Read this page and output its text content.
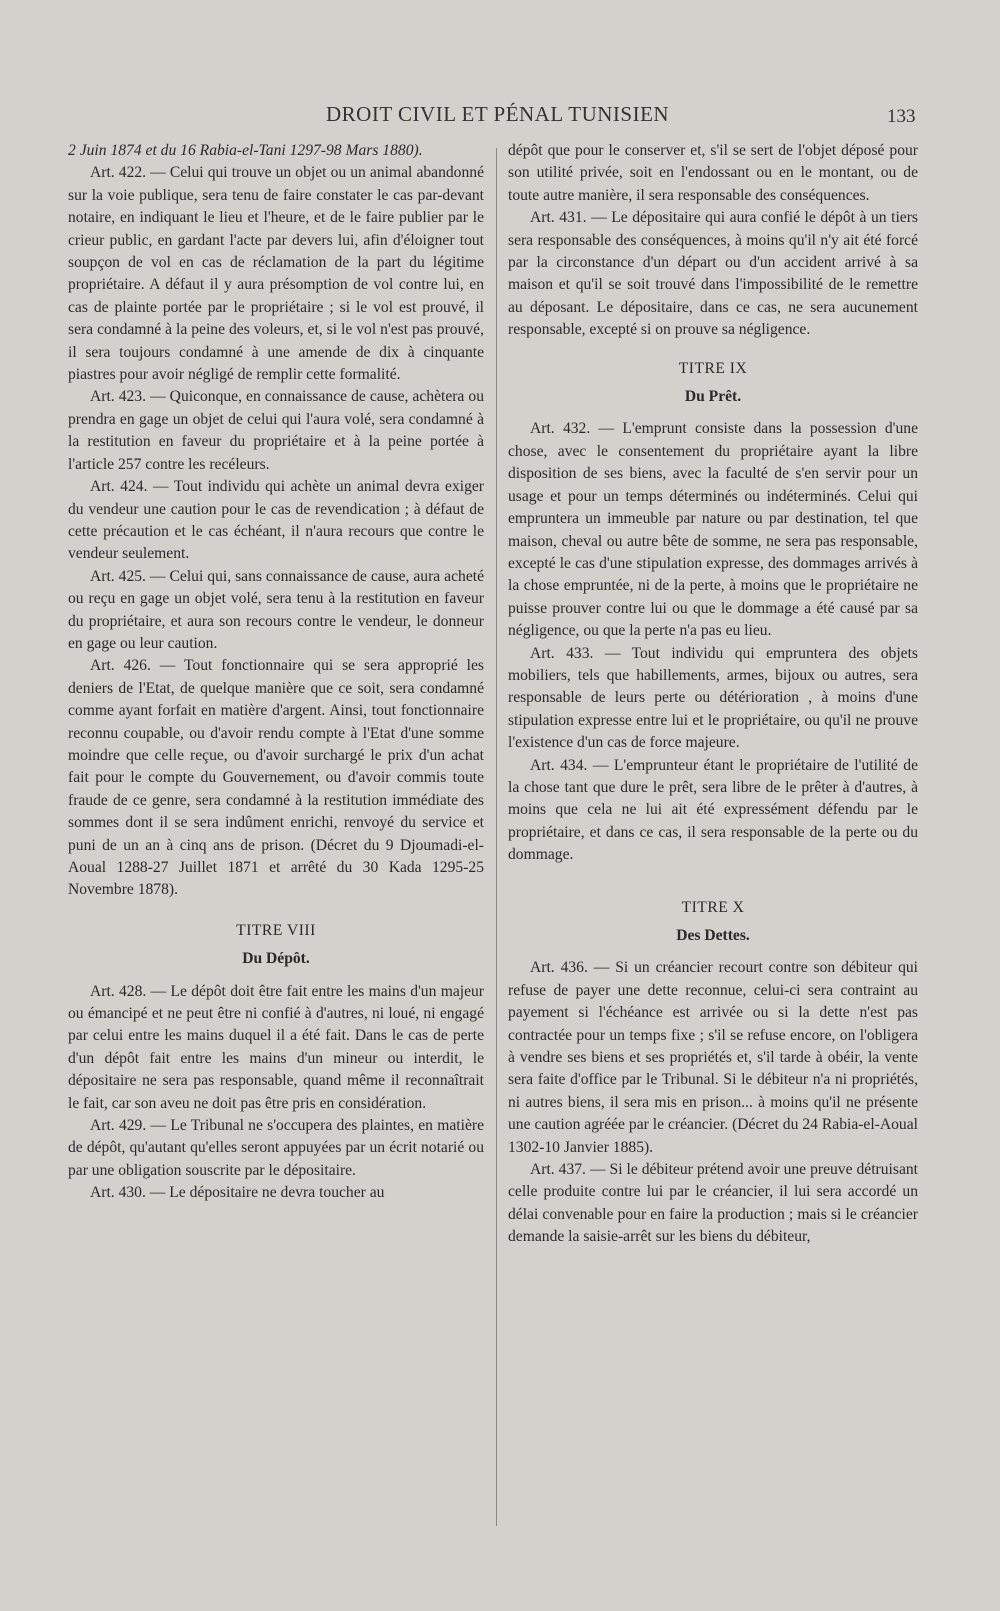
DROIT CIVIL ET PÉNAL TUNISIEN	133

2 Juin 1874 et du 16 Rabia-el-Tani 1297-98 Mars 1880).

Art. 422. — Celui qui trouve un objet ou un animal abandonné sur la voie publique, sera tenu de faire constater le cas par-devant notaire, en indiquant le lieu et l'heure, et de le faire publier par le crieur public, en gardant l'acte par devers lui, afin d'éloigner tout soupçon de vol en cas de réclamation de la part du légitime propriétaire. A défaut il y aura présomption de vol contre lui, en cas de plainte portée par le propriétaire ; si le vol est prouvé, il sera condamné à la peine des voleurs, et, si le vol n'est pas prouvé, il sera toujours condamné à une amende de dix à cinquante piastres pour avoir négligé de remplir cette formalité.

Art. 423. — Quiconque, en connaissance de cause, achètera ou prendra en gage un objet de celui qui l'aura volé, sera condamné à la restitution en faveur du propriétaire et à la peine portée à l'article 257 contre les recéleurs.

Art. 424. — Tout individu qui achète un animal devra exiger du vendeur une caution pour le cas de revendication ; à défaut de cette précaution et le cas échéant, il n'aura recours que contre le vendeur seulement.

Art. 425. — Celui qui, sans connaissance de cause, aura acheté ou reçu en gage un objet volé, sera tenu à la restitution en faveur du propriétaire, et aura son recours contre le vendeur, le donneur en gage ou leur caution.

Art. 426. — Tout fonctionnaire qui se sera approprié les deniers de l'Etat, de quelque manière que ce soit, sera condamné comme ayant forfait en matière d'argent. Ainsi, tout fonctionnaire reconnu coupable, ou d'avoir rendu compte à l'Etat d'une somme moindre que celle reçue, ou d'avoir surchargé le prix d'un achat fait pour le compte du Gouvernement, ou d'avoir commis toute fraude de ce genre, sera condamné à la restitution immédiate des sommes dont il se sera indûment enrichi, renvoyé du service et puni de un an à cinq ans de prison. (Décret du 9 Djoumadi-el-Aoual 1288-27 Juillet 1871 et arrêté du 30 Kada 1295-25 Novembre 1878).

TITRE VIII
Du Dépôt.

Art. 428. — Le dépôt doit être fait entre les mains d'un majeur ou émancipé et ne peut être ni confié à d'autres, ni loué, ni engagé par celui entre les mains duquel il a été fait. Dans le cas de perte d'un dépôt fait entre les mains d'un mineur ou interdit, le dépositaire ne sera pas responsable, quand même il reconnaîtrait le fait, car son aveu ne doit pas être pris en considération.

Art. 429. — Le Tribunal ne s'occupera des plaintes, en matière de dépôt, qu'autant qu'elles seront appuyées par un écrit notarié ou par une obligation souscrite par le dépositaire.

Art. 430. — Le dépositaire ne devra toucher au

dépôt que pour le conserver et, s'il se sert de l'objet déposé pour son utilité privée, soit en l'endossant ou en le montant, ou de toute autre manière, il sera responsable des conséquences.

Art. 431. — Le dépositaire qui aura confié le dépôt à un tiers sera responsable des conséquences, à moins qu'il n'y ait été forcé par la circonstance d'un départ ou d'un accident arrivé à sa maison et qu'il se soit trouvé dans l'impossibilité de le remettre au déposant. Le dépositaire, dans ce cas, ne sera aucunement responsable, excepté si on prouve sa négligence.

TITRE IX
Du Prêt.

Art. 432. — L'emprunt consiste dans la possession d'une chose, avec le consentement du propriétaire ayant la libre disposition de ses biens, avec la faculté de s'en servir pour un usage et pour un temps déterminés ou indéterminés. Celui qui empruntera un immeuble par nature ou par destination, tel que maison, cheval ou autre bête de somme, ne sera pas responsable, excepté le cas d'une stipulation expresse, des dommages arrivés à la chose empruntée, ni de la perte, à moins que le propriétaire ne puisse prouver contre lui ou que le dommage a été causé par sa négligence, ou que la perte n'a pas eu lieu.

Art. 433. — Tout individu qui empruntera des objets mobiliers, tels que habillements, armes, bijoux ou autres, sera responsable de leurs perte ou détérioration , à moins d'une stipulation expresse entre lui et le propriétaire, ou qu'il ne prouve l'existence d'un cas de force majeure.

Art. 434. — L'emprunteur étant le propriétaire de l'utilité de la chose tant que dure le prêt, sera libre de le prêter à d'autres, à moins que cela ne lui ait été expressément défendu par le propriétaire, et dans ce cas, il sera responsable de la perte ou du dommage.

TITRE X
Des Dettes.

Art. 436. — Si un créancier recourt contre son débiteur qui refuse de payer une dette reconnue, celui-ci sera contraint au payement si l'échéance est arrivée ou si la dette n'est pas contractée pour un temps fixe ; s'il se refuse encore, on l'obligera à vendre ses biens et ses propriétés et, s'il tarde à obéir, la vente sera faite d'office par le Tribunal. Si le débiteur n'a ni propriétés, ni autres biens, il sera mis en prison... à moins qu'il ne présente une caution agréée par le créancier. (Décret du 24 Rabia-el-Aoual 1302-10 Janvier 1885).

Art. 437. — Si le débiteur prétend avoir une preuve détruisant celle produite contre lui par le créancier, il lui sera accordé un délai convenable pour en faire la production ; mais si le créancier demande la saisie-arrêt sur les biens du débiteur,
